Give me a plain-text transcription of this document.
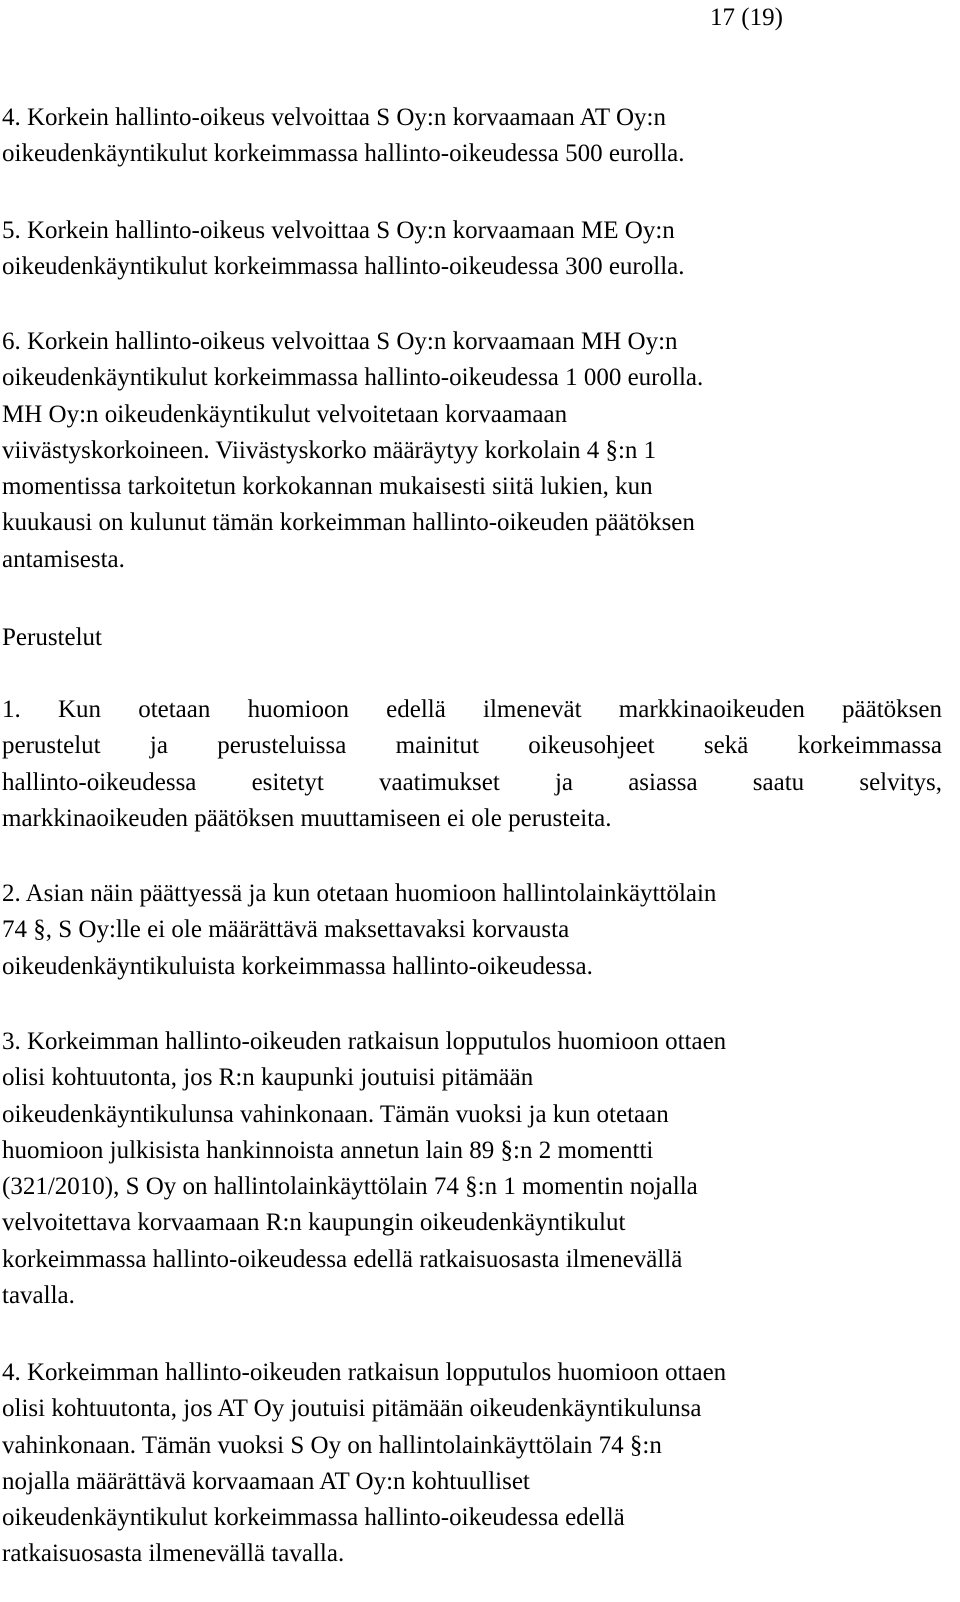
17 (19)

4. Korkein hallinto-oikeus velvoittaa S Oy:n korvaamaan AT Oy:n
oikeudenkäyntikulut korkeimmassa hallinto-oikeudessa 500 eurolla.

5. Korkein hallinto-oikeus velvoittaa S Oy:n korvaamaan ME Oy:n
oikeudenkäyntikulut korkeimmassa hallinto-oikeudessa 300 eurolla.

6. Korkein hallinto-oikeus velvoittaa S Oy:n korvaamaan MH Oy:n
oikeudenkäyntikulut korkeimmassa hallinto-oikeudessa 1 000 eurolla.
MH Oy:n oikeudenkäyntikulut velvoitetaan korvaamaan
viivästyskorkoineen. Viivästyskorko määräytyy korkolain 4 §:n 1
momentissa tarkoitetun korkokannan mukaisesti siitä lukien, kun
kuukausi on kulunut tämän korkeimman hallinto-oikeuden päätöksen
antamisesta.

Perustelut

1. Kun otetaan huomioon edellä ilmenevät markkinaoikeuden päätöksen
perustelut ja perusteluissa mainitut oikeusohjeet sekä korkeimmassa
hallinto-oikeudessa esitetyt vaatimukset ja asiassa saatu selvitys,
markkinaoikeuden päätöksen muuttamiseen ei ole perusteita.

2. Asian näin päättyessä ja kun otetaan huomioon hallintolainkäyttölain
74 §, S Oy:lle ei ole määrättävä maksettavaksi korvausta
oikeudenkäyntikuluista korkeimmassa hallinto-oikeudessa.

3. Korkeimman hallinto-oikeuden ratkaisun lopputulos huomioon ottaen
olisi kohtuutonta, jos R:n kaupunki joutuisi pitämään
oikeudenkäyntikulunsa vahinkonaan. Tämän vuoksi ja kun otetaan
huomioon julkisista hankinnoista annetun lain 89 §:n 2 momentti
(321/2010), S Oy on hallintolainkäyttölain 74 §:n 1 momentin nojalla
velvoitettava korvaamaan R:n kaupungin oikeudenkäyntikulut
korkeimmassa hallinto-oikeudessa edellä ratkaisuosasta ilmenevällä
tavalla.

4. Korkeimman hallinto-oikeuden ratkaisun lopputulos huomioon ottaen
olisi kohtuutonta, jos AT Oy joutuisi pitämään oikeudenkäyntikulunsa
vahinkonaan. Tämän vuoksi S Oy on hallintolainkäyttölain 74 §:n
nojalla määrättävä korvaamaan AT Oy:n kohtuulliset
oikeudenkäyntikulut korkeimmassa hallinto-oikeudessa edellä
ratkaisuosasta ilmenevällä tavalla.
